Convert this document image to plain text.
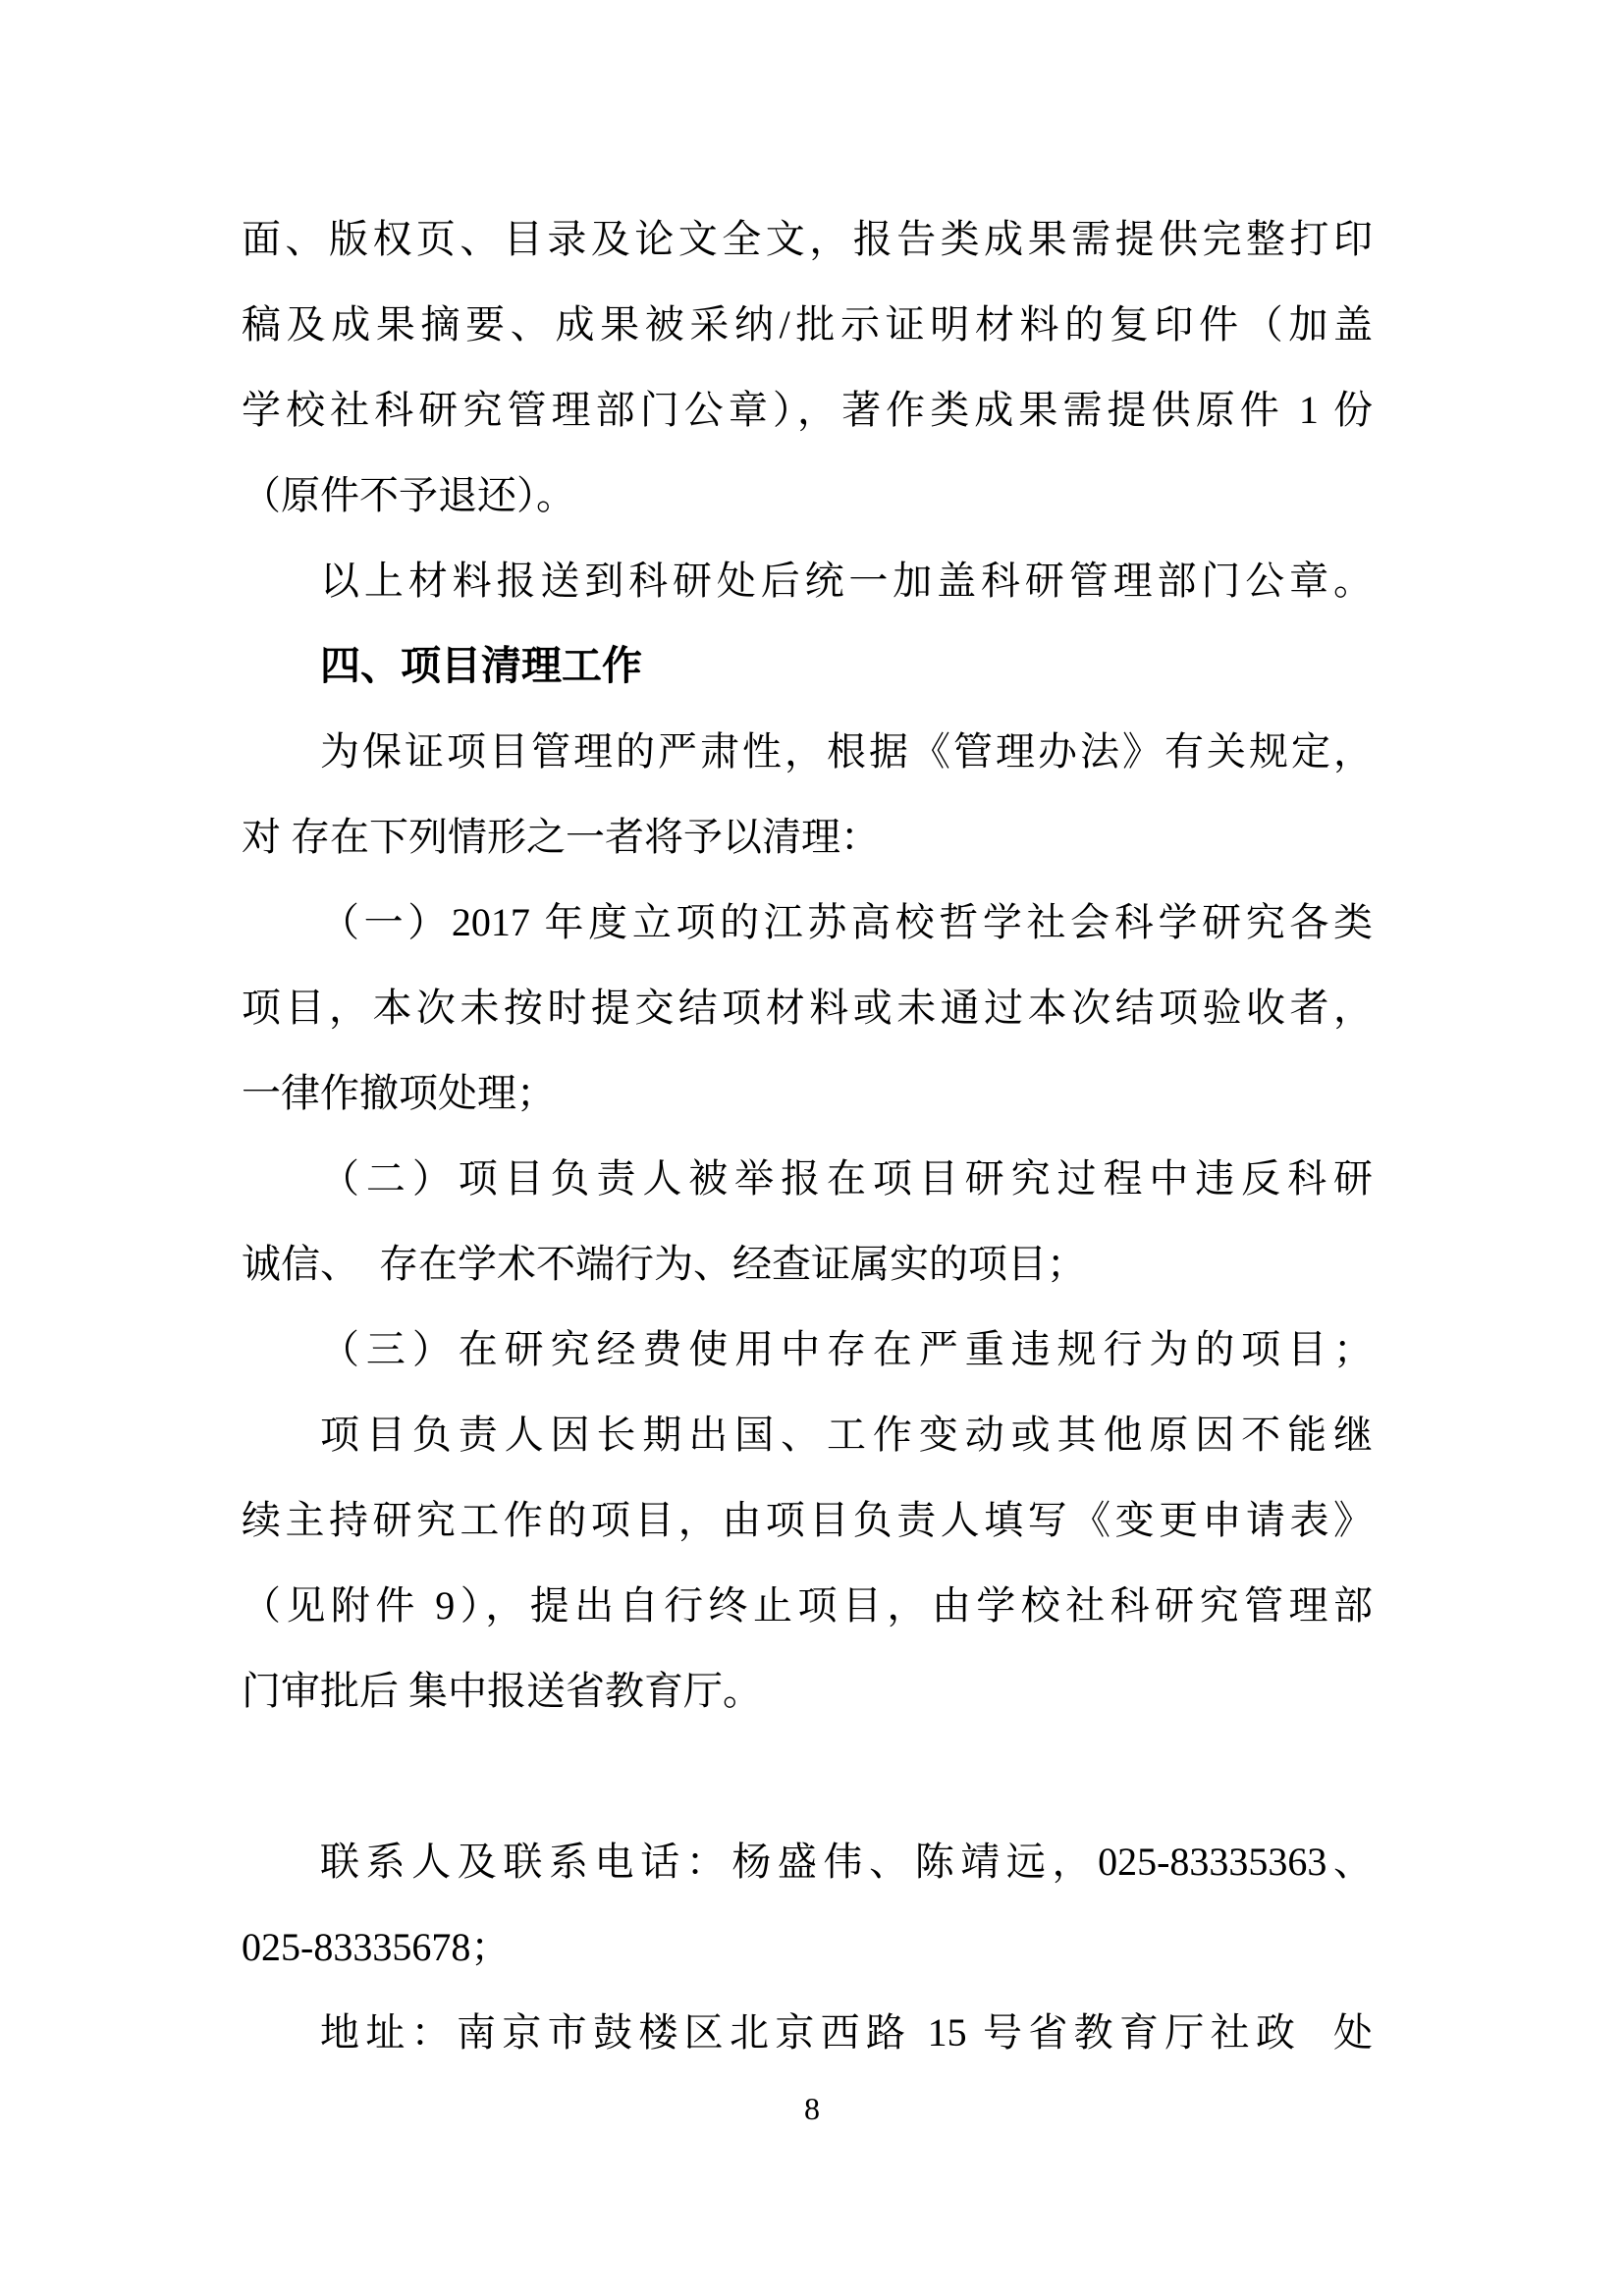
面、版权页、目录及论文全文，报告类成果需提供完整打印
稿及成果摘要、成果被采纳/批示证明材料的复印件（加盖
学校社科研究管理部门公章），著作类成果需提供原件 1 份
（原件不予退还）。
以上材料报送到科研处后统一加盖科研管理部门公章。
四、项目清理工作
为保证项目管理的严肃性，根据《管理办法》有关规定，
对 存在下列情形之一者将予以清理：
（一）2017 年度立项的江苏高校哲学社会科学研究各类
项目，本次未按时提交结项材料或未通过本次结项验收者，
一律作撤项处理；
（二）项目负责人被举报在项目研究过程中违反科研
诚信、　存在学术不端行为、经查证属实的项目；
（三）在研究经费使用中存在严重违规行为的项目；
项目负责人因长期出国、工作变动或其他原因不能继
续主持研究工作的项目，由项目负责人填写《变更申请表》
（见附件 9），提出自行终止项目，由学校社科研究管理部
门审批后 集中报送省教育厅。
联系人及联系电话：杨盛伟、陈靖远，025-83335363、
025-83335678；
地址：南京市鼓楼区北京西路 15 号省教育厅社政  处
8
